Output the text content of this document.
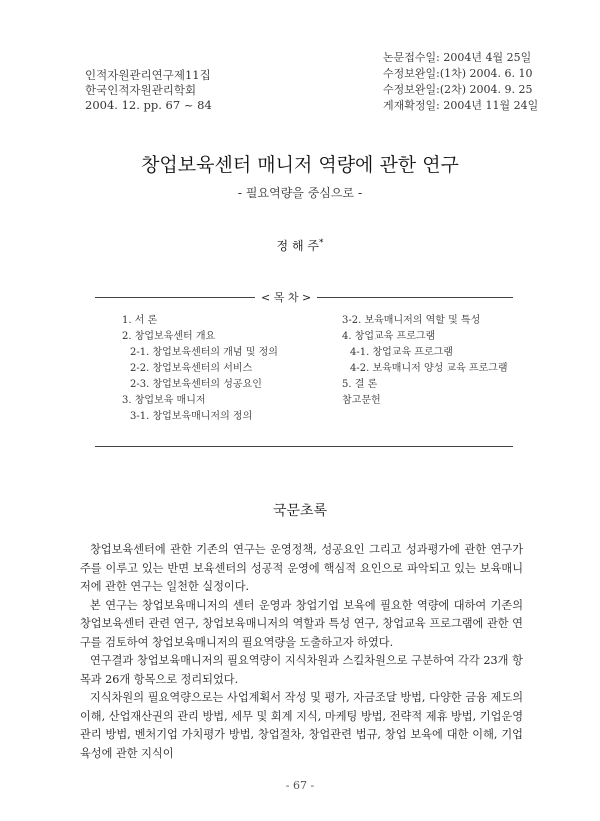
인적자원관리연구제11집
한국인적자원관리학회
2004. 12. pp. 67 ~ 84
논문접수일: 2004년 4월 25일
수정보완일:(1차) 2004. 6. 10
수정보완일:(2차) 2004. 9. 25
게재확정일: 2004년 11월 24일
창업보육센터 매니저 역량에 관한 연구
- 필요역량을 중심으로 -
정 해 주*
< 목 차 >
1. 서 론
2. 창업보육센터 개요
2-1. 창업보육센터의 개념 및 정의
2-2. 창업보육센터의 서비스
2-3. 창업보육센터의 성공요인
3. 창업보육 매니저
3-1. 창업보육매니저의 정의
3-2. 보육매니저의 역할 및 특성
4. 창업교육 프로그램
4-1. 창업교육 프로그램
4-2. 보육매니저 양성 교육 프로그램
5. 결 론
참고문헌
국문초록

창업보육센터에 관한 기존의 연구는 운영정책, 성공요인 그리고 성과평가에 관한 연구가 주를 이루고 있는 반면 보육센터의 성공적 운영에 핵심적 요인으로 파악되고 있는 보육매니저에 관한 연구는 일천한 실정이다.

본 연구는 창업보육매니저의 센터 운영과 창업기업 보육에 필요한 역량에 대하여 기존의 창업보육센터 관련 연구, 창업보육매니저의 역할과 특성 연구, 창업교육 프로그램에 관한 연구를 검토하여 창업보육매니저의 필요역량을 도출하고자 하였다.

연구결과 창업보육매니저의 필요역량이 지식차원과 스킬차원으로 구분하여 각각 23개 항목과 26개 항목으로 정리되었다.

지식차원의 필요역량으로는 사업계획서 작성 및 평가, 자금조달 방법, 다양한 금융 제도의 이해, 산업재산권의 관리 방법, 세무 및 회계 지식, 마케팅 방법, 전략적 제휴 방법, 기업운영관리 방법, 벤처기업 가치평가 방법, 창업절차, 창업관련 법규, 창업 보육에 대한 이해, 기업육성에 관한 지식이

- 67 -
